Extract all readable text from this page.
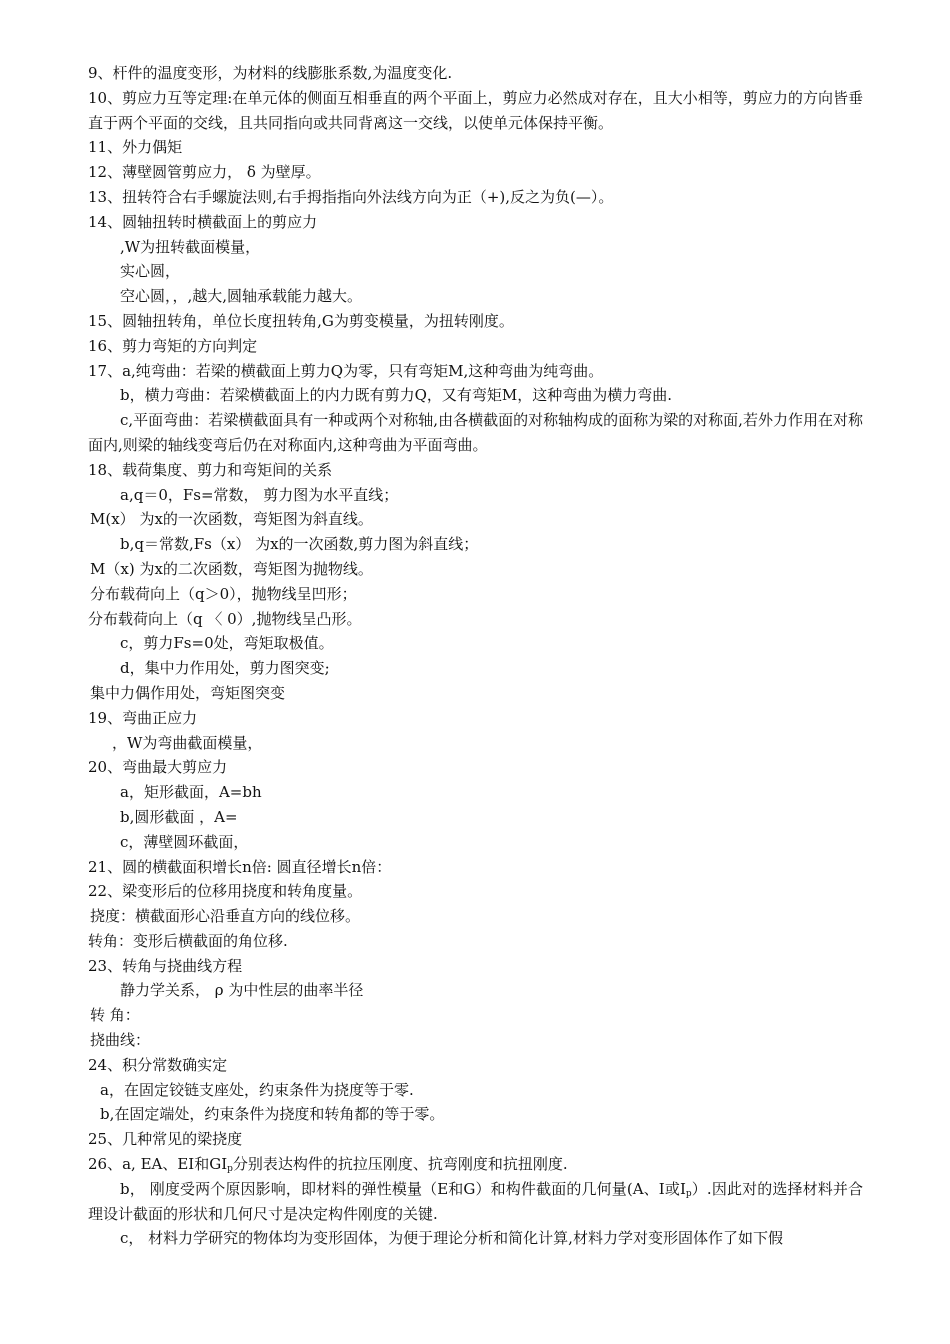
9、杆件的温度变形，为材料的线膨胀系数,为温度变化.
10、剪应力互等定理:在单元体的侧面互相垂直的两个平面上，剪应力必然成对存在，且大小相等，剪应力的方向皆垂直于两个平面的交线，且共同指向或共同背离这一交线，以使单元体保持平衡。
11、外力偶矩
12、薄壁圆管剪应力， δ 为壁厚。
13、扭转符合右手螺旋法则,右手拇指指向外法线方向为正（+),反之为负(—）。
14、圆轴扭转时横截面上的剪应力
,W为扭转截面模量，
实心圆，
空心圆，，,越大,圆轴承载能力越大。
15、圆轴扭转角，单位长度扭转角,G为剪变模量，为扭转刚度。
16、剪力弯矩的方向判定
17、a,纯弯曲：若梁的横截面上剪力Q为零，只有弯矩M,这种弯曲为纯弯曲。
b，横力弯曲：若梁横截面上的内力既有剪力Q，又有弯矩M，这种弯曲为横力弯曲.
c,平面弯曲：若梁横截面具有一种或两个对称轴,由各横截面的对称轴构成的面称为梁的对称面,若外力作用在对称面内,则梁的轴线变弯后仍在对称面内,这种弯曲为平面弯曲。
18、载荷集度、剪力和弯矩间的关系
a,q＝0，Fs=常数， 剪力图为水平直线；
M(x） 为x的一次函数，弯矩图为斜直线。
b,q＝常数,Fs（x） 为x的一次函数,剪力图为斜直线；
M（x) 为x的二次函数，弯矩图为抛物线。
分布载荷向上（q＞0），抛物线呈凹形；
分布载荷向上（q 〈 0）,抛物线呈凸形。
c，剪力Fs=0处，弯矩取极值。
d，集中力作用处，剪力图突变;
集中力偶作用处，弯矩图突变
19、弯曲正应力
，W为弯曲截面模量，
20、弯曲最大剪应力
a，矩形截面，A=bh
b,圆形截面 ，A=
c，薄壁圆环截面，
21、圆的横截面积增长n倍: 圆直径增长n倍：
22、梁变形后的位移用挠度和转角度量。
挠度：横截面形心沿垂直方向的线位移。
转角：变形后横截面的角位移.
23、转角与挠曲线方程
静力学关系， ρ 为中性层的曲率半径
转 角：
挠曲线：
24、积分常数确实定
a，在固定铰链支座处，约束条件为挠度等于零.
b,在固定端处，约束条件为挠度和转角都的等于零。
25、几种常见的梁挠度
26、a, EA、EI和$GI_p$分别表达构件的抗拉压刚度、抗弯刚度和抗扭刚度.
b， 刚度受两个原因影响，即材料的弹性模量（E和G）和构件截面的几何量(A、I或$I_p$）.因此对的选择材料并合理设计截面的形状和几何尺寸是决定构件刚度的关键.
c， 材料力学研究的物体均为变形固体，为便于理论分析和简化计算,材料力学对变形固体作了如下假
